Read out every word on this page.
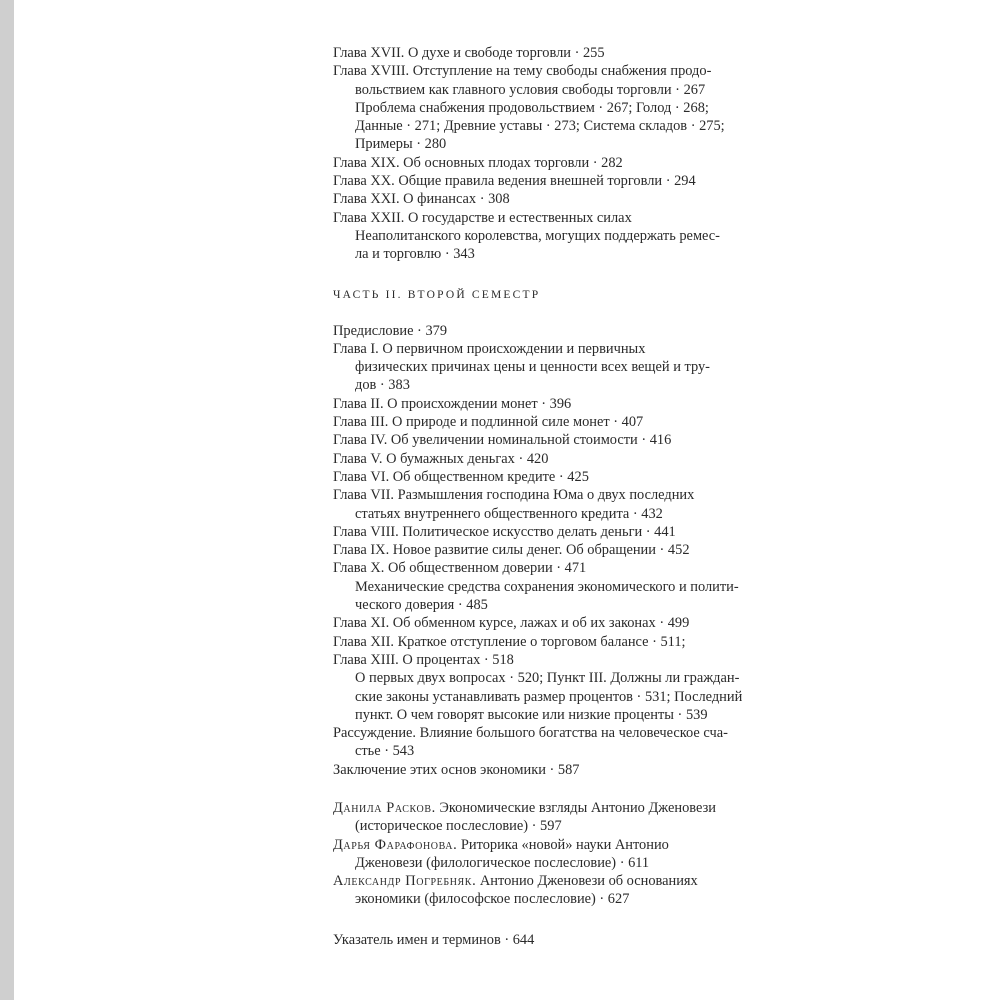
Глава XVII. О духе и свободе торговли · 255

Глава XVIII. Отступление на тему свободы снабжения продо-

вольствием как главного условия свободы торговли · 267

Проблема снабжения продовольствием · 267; Голод · 268;

Данные · 271; Древние уставы · 273; Система складов · 275;

Примеры · 280

Глава XIX. Об основных плодах торговли · 282

Глава XX. Общие правила ведения внешней торговли · 294

Глава XXI. О финансах · 308

Глава XXII. О государстве и естественных силах

Неаполитанского королевства, могущих поддержать ремес-

ла и торговлю · 343

ЧАСТЬ II. ВТОРОЙ СЕМЕСТР

Предисловие · 379

Глава I. О первичном происхождении и первичных

физических причинах цены и ценности всех вещей и тру-

дов · 383

Глава II. О происхождении монет · 396

Глава III. О природе и подлинной силе монет · 407

Глава IV. Об увеличении номинальной стоимости · 416

Глава V. О бумажных деньгах · 420

Глава VI. Об общественном кредите · 425

Глава VII. Размышления господина Юма о двух последних

статьях внутреннего общественного кредита · 432

Глава VIII. Политическое искусство делать деньги · 441

Глава IX. Новое развитие силы денег. Об обращении · 452

Глава X. Об общественном доверии · 471

Механические средства сохранения экономического и полити-

ческого доверия · 485

Глава XI. Об обменном курсе, лажах и об их законах · 499

Глава XII. Краткое отступление о торговом балансе · 511;

Глава XIII. О процентах · 518

О первых двух вопросах · 520; Пункт III. Должны ли граждан-

ские законы устанавливать размер процентов · 531; Последний

пункт. О чем говорят высокие или низкие проценты · 539

Рассуждение. Влияние большого богатства на человеческое сча-

стье · 543

Заключение этих основ экономики · 587

Данила Расков. Экономические взгляды Антонио Дженовези

(историческое послесловие) · 597

Дарья Фарафонова. Риторика «новой» науки Антонио

Дженовези (филологическое послесловие) · 611

Александр Погребняк. Антонио Дженовези об основаниях

экономики (философское послесловие) · 627

Указатель имен и терминов · 644
